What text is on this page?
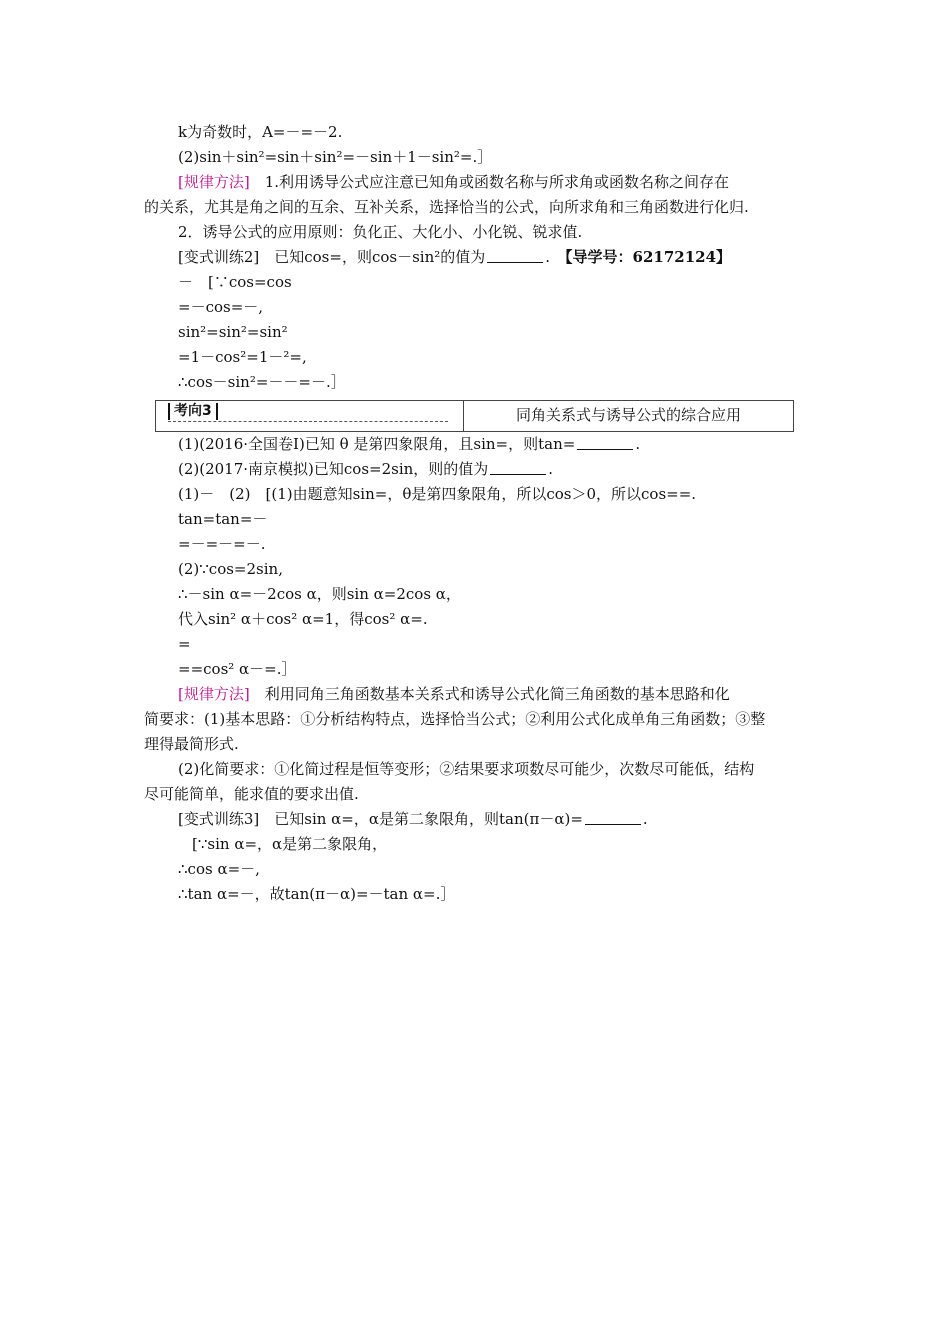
k为奇数时，A=－=－2.
(2)sin＋sin²=sin＋sin²=－sin＋1－sin²=.］
[规律方法]　1.利用诱导公式应注意已知角或函数名称与所求角或函数名称之间存在
的关系，尤其是角之间的互余、互补关系，选择恰当的公式，向所求角和三角函数进行化归.
2．诱导公式的应用原则：负化正、大化小、小化锐、锐求值.
[变式训练2]　已知cos=，则cos－sin²的值为	.　 【导学号：62172124】
－　[∵cos=cos
=－cos=－,
sin²=sin²=sin²
=1－cos²=1－²=,
∴cos－sin²=－－=－.］
考向3	同角关系式与诱导公式的综合应用
(1)(2016·全国卷Ⅰ)已知 θ 是第四象限角，且sin=，则tan=	.
(2)(2017·南京模拟)已知cos=2sin，则的值为	.
(1)－　(2)　[(1)由题意知sin=，θ是第四象限角，所以cos＞0，所以cos==.
tan=tan=－
=－=－=－.
(2)∵cos=2sin,
∴－sin α=－2cos α，则sin α=2cos α，
代入sin² α＋cos² α=1，得cos² α=.
=
==cos² α－=.］
[规律方法]　利用同角三角函数基本关系式和诱导公式化简三角函数的基本思路和化
简要求：(1)基本思路：①分析结构特点，选择恰当公式；②利用公式化成单角三角函数；③整
理得最简形式.
(2)化简要求：①化简过程是恒等变形；②结果要求项数尽可能少，次数尽可能低，结构
尽可能简单，能求值的要求出值.
[变式训练3]　已知sin α=，α是第二象限角，则tan(π－α)=	.
[∵sin α=，α是第二象限角，
∴cos α=－,
∴tan α=－，故tan(π－α)=－tan α=.］
